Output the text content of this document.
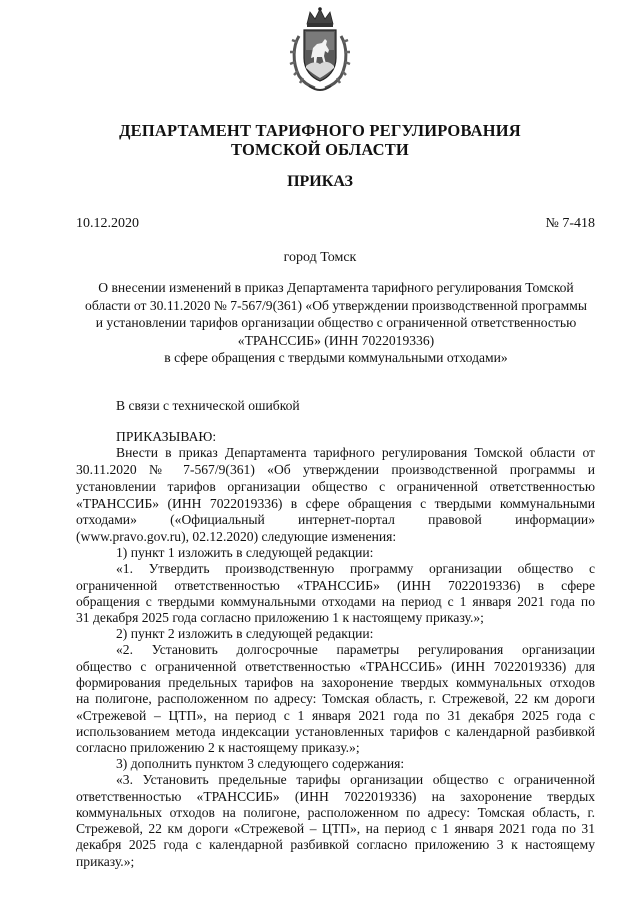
ДЕПАРТАМЕНТ ТАРИФНОГО РЕГУЛИРОВАНИЯ
ТОМСКОЙ ОБЛАСТИ
ПРИКАЗ
10.12.2020	№ 7-418
город Томск
О внесении изменений в приказ Департамента тарифного регулирования Томской
области от 30.11.2020 № 7-567/9(361) «Об утверждении производственной программы
и установлении тарифов организации общество с ограниченной ответственностью
«ТРАНССИБ» (ИНН 7022019336)
в сфере обращения с твердыми коммунальными отходами»
В связи с технической ошибкой
ПРИКАЗЫВАЮ:
Внести в приказ Департамента тарифного регулирования Томской области от
30.11.2020 № 7-567/9(361) «Об утверждении производственной программы и
установлении тарифов организации общество с ограниченной ответственностью
«ТРАНССИБ» (ИНН 7022019336) в сфере обращения с твердыми коммунальными
отходами» («Официальный интернет-портал правовой информации»
(www.pravo.gov.ru), 02.12.2020) следующие изменения:
1) пункт 1 изложить в следующей редакции:
«1. Утвердить производственную программу организации общество с
ограниченной ответственностью «ТРАНССИБ» (ИНН 7022019336) в сфере
обращения с твердыми коммунальными отходами на период с 1 января 2021 года по
31 декабря 2025 года согласно приложению 1 к настоящему приказу.»;
2) пункт 2 изложить в следующей редакции:
«2. Установить долгосрочные параметры регулирования организации
общество с ограниченной ответственностью «ТРАНССИБ» (ИНН 7022019336) для
формирования предельных тарифов на захоронение твердых коммунальных отходов
на полигоне, расположенном по адресу: Томская область, г. Стрежевой, 22 км дороги
«Стрежевой – ЦТП», на период с 1 января 2021 года по 31 декабря 2025 года с
использованием метода индексации установленных тарифов с календарной разбивкой
согласно приложению 2 к настоящему приказу.»;
3) дополнить пунктом 3 следующего содержания:
«3. Установить предельные тарифы организации общество с ограниченной
ответственностью «ТРАНССИБ» (ИНН 7022019336) на захоронение твердых
коммунальных отходов на полигоне, расположенном по адресу: Томская область, г.
Стрежевой, 22 км дороги «Стрежевой – ЦТП», на период с 1 января 2021 года по 31
декабря 2025 года с календарной разбивкой согласно приложению 3 к настоящему
приказу.»;
